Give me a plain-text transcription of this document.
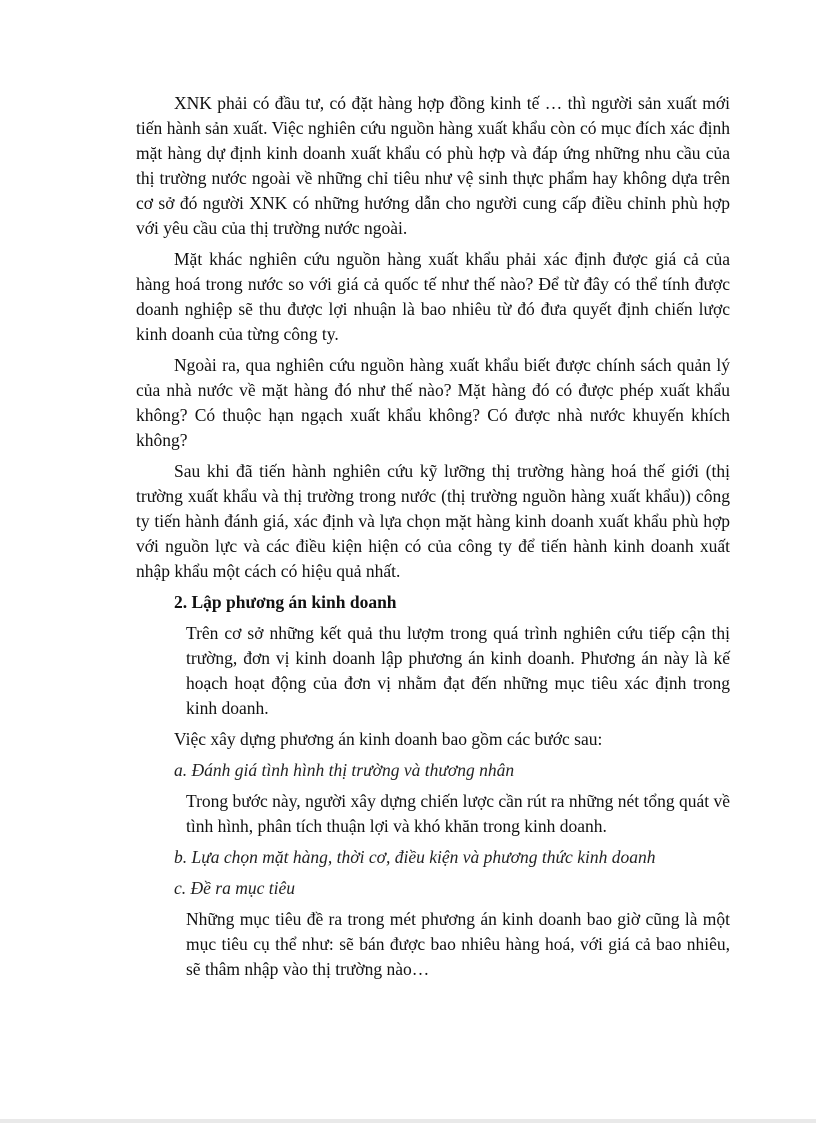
XNK phải có đầu tư, có đặt hàng hợp đồng kinh tế … thì người sản xuất mới tiến hành sản xuất. Việc nghiên cứu nguồn hàng xuất khẩu còn có mục đích xác định mặt hàng dự định kinh doanh xuất khẩu có phù hợp và đáp ứng những nhu cầu của thị trường nước ngoài về những chỉ tiêu như vệ sinh thực phẩm hay không dựa trên cơ sở đó người XNK có những hướng dẫn cho người cung cấp điều chỉnh phù hợp với yêu cầu của thị trường nước ngoài.

Mặt khác nghiên cứu nguồn hàng xuất khẩu phải xác định được giá cả của hàng hoá trong nước so với giá cả quốc tế như thế nào? Để từ đây có thể tính được doanh nghiệp sẽ thu được lợi nhuận là bao nhiêu từ đó đưa quyết định chiến lược kinh doanh của từng công ty.

Ngoài ra, qua nghiên cứu nguồn hàng xuất khẩu biết được chính sách quản lý của nhà nước về mặt hàng đó như thế nào? Mặt hàng đó có được phép xuất khẩu không? Có thuộc hạn ngạch xuất khẩu không? Có được nhà nước khuyến khích không?

Sau khi đã tiến hành nghiên cứu kỹ lưỡng thị trường hàng hoá thế giới (thị trường xuất khẩu và thị trường trong nước (thị trường nguồn hàng xuất khẩu)) công ty tiến hành đánh giá, xác định và lựa chọn mặt hàng kinh doanh xuất khẩu phù hợp với nguồn lực và các điều kiện hiện có của công ty để tiến hành kinh doanh xuất nhập khẩu một cách có hiệu quả nhất.

2. Lập phương án kinh doanh

Trên cơ sở những kết quả thu lượm trong quá trình nghiên cứu tiếp cận thị trường, đơn vị kinh doanh lập phương án kinh doanh. Phương án này là kế hoạch hoạt động của đơn vị nhằm đạt đến những mục tiêu xác định trong kinh doanh.

Việc xây dựng phương án kinh doanh bao gồm các bước sau:

a. Đánh giá tình hình thị trường và thương nhân

Trong bước này, người xây dựng chiến lược cần rút ra những nét tổng quát về tình hình, phân tích thuận lợi và khó khăn trong kinh doanh.

b. Lựa chọn mặt hàng, thời cơ, điều kiện và phương thức kinh doanh

c. Đề ra mục tiêu

Những mục tiêu đề ra trong mét phương án kinh doanh bao giờ cũng là một mục tiêu cụ thể như: sẽ bán được bao nhiêu hàng hoá, với giá cả bao nhiêu, sẽ thâm nhập vào thị trường nào…
